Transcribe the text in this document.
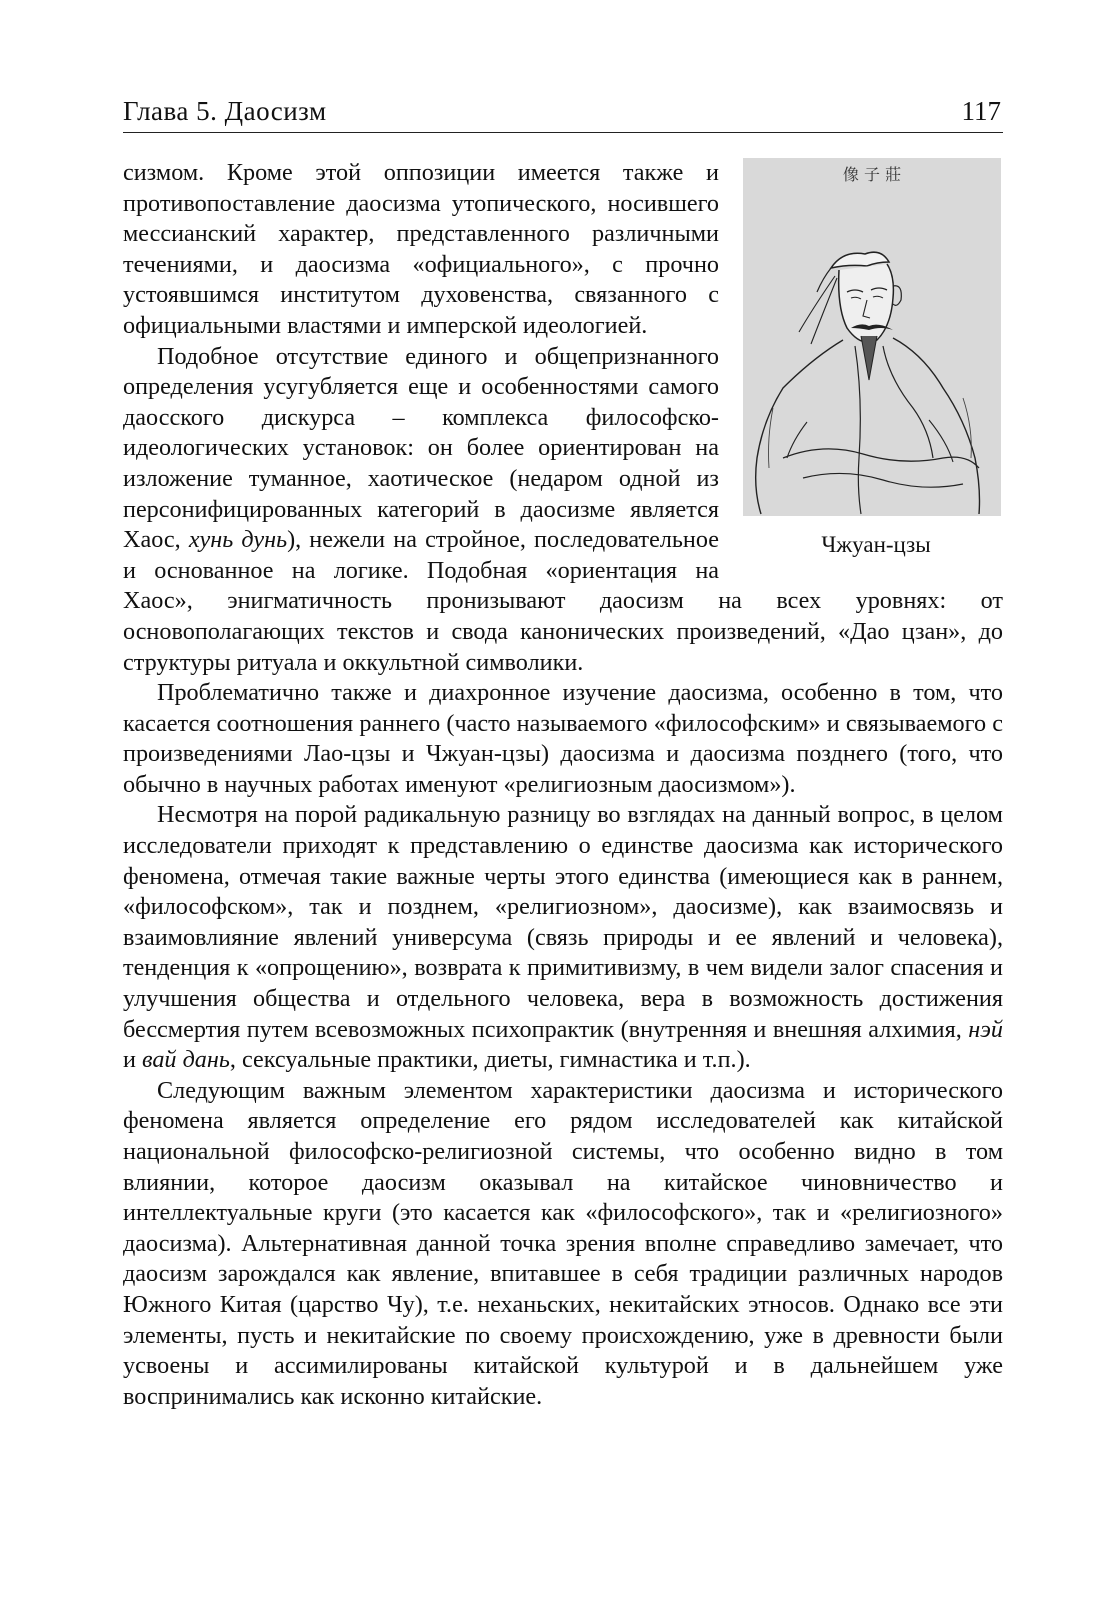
Глава 5. Даосизм	117
像 子 莊
Чжуан-цзы

сизмом. Кроме этой оппозиции имеется также и противопоставление даосизма утопического, носившего мессианский характер, представленного различными течениями, и даосизма «официального», с прочно устоявшимся институтом духовенства, связанного с официальными властями и имперской идеологией.

Подобное отсутствие единого и общепризнанного определения усугубляется еще и особенностями самого даосского дискурса – комплекса философско-идеологических установок: он более ориентирован на изложение туманное, хаотическое (недаром одной из персонифицированных категорий в даосизме является Хаос, хунь дунь), нежели на стройное, последовательное и основанное на логике. Подобная «ориентация на Хаос», энигматичность пронизывают даосизм на всех уровнях: от основополагающих текстов и свода канонических произведений, «Дао цзан», до структуры ритуала и оккультной символики.

Проблематично также и диахронное изучение даосизма, особенно в том, что касается соотношения раннего (часто называемого «философским» и связываемого с произведениями Лао-цзы и Чжуан-цзы) даосизма и даосизма позднего (того, что обычно в научных работах именуют «религиозным даосизмом»).

Несмотря на порой радикальную разницу во взглядах на данный вопрос, в целом исследователи приходят к представлению о единстве даосизма как исторического феномена, отмечая такие важные черты этого единства (имеющиеся как в раннем, «философском», так и позднем, «религиозном», даосизме), как взаимосвязь и взаимовлияние явлений универсума (связь природы и ее явлений и человека), тенденция к «опрощению», возврата к примитивизму, в чем видели залог спасения и улучшения общества и отдельного человека, вера в возможность достижения бессмертия путем всевозможных психопрактик (внутренняя и внешняя алхимия, нэй и вай дань, сексуальные практики, диеты, гимнастика и т.п.).

Следующим важным элементом характеристики даосизма и исторического феномена является определение его рядом исследователей как китайской национальной философско-религиозной системы, что особенно видно в том влиянии, которое даосизм оказывал на китайское чиновничество и интеллектуальные круги (это касается как «философского», так и «религиозного» даосизма). Альтернативная данной точка зрения вполне справедливо замечает, что даосизм зарождался как явление, впитавшее в себя традиции различных народов Южного Китая (царство Чу), т.е. неханьских, некитайских этносов. Однако все эти элементы, пусть и некитайские по своему происхождению, уже в древности были усвоены и ассимилированы китайской культурой и в дальнейшем уже воспринимались как исконно китайские.
